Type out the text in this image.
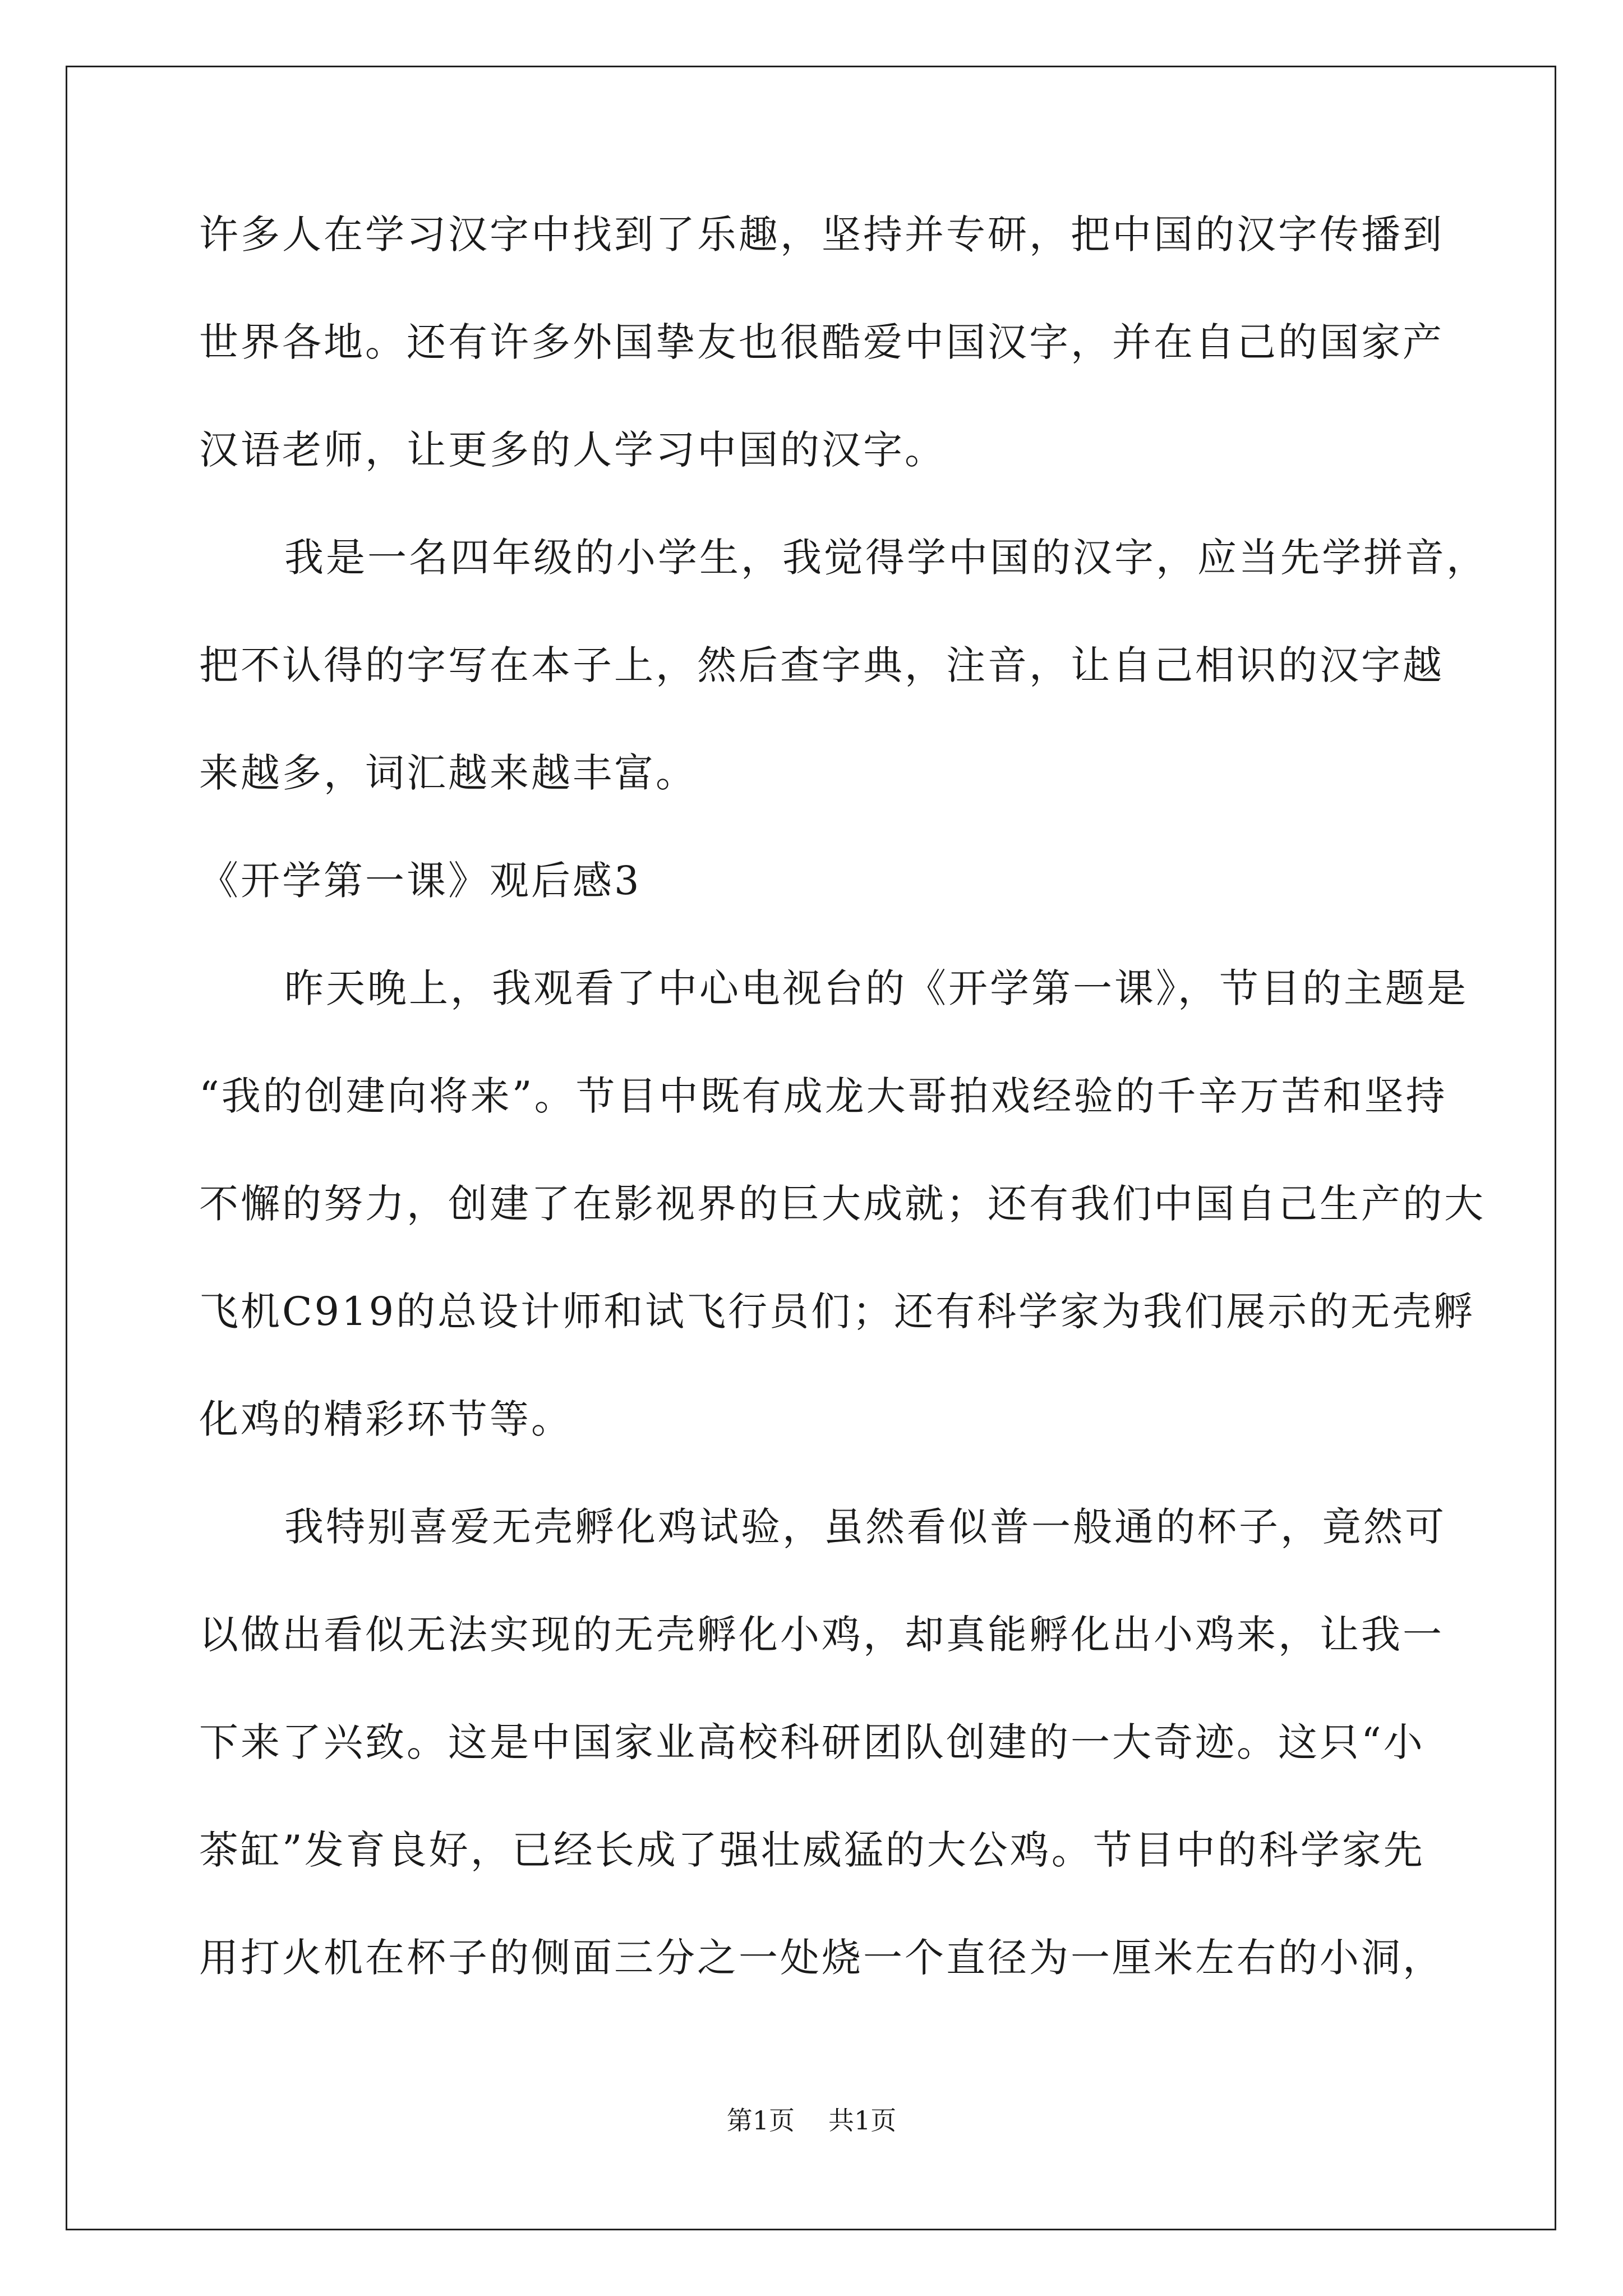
许多人在学习汉字中找到了乐趣，坚持并专研，把中国的汉字传播到
世界各地。还有许多外国挚友也很酷爱中国汉字，并在自己的国家产
汉语老师，让更多的人学习中国的汉字。
我是一名四年级的小学生，我觉得学中国的汉字，应当先学拼音，
把不认得的字写在本子上，然后查字典，注音，让自己相识的汉字越
来越多，词汇越来越丰富。
《开学第一课》观后感3
昨天晚上，我观看了中心电视台的《开学第一课》，节目的主题是
“我的创建向将来”。节目中既有成龙大哥拍戏经验的千辛万苦和坚持
不懈的努力，创建了在影视界的巨大成就；还有我们中国自己生产的大
飞机C919的总设计师和试飞行员们；还有科学家为我们展示的无壳孵
化鸡的精彩环节等。
我特别喜爱无壳孵化鸡试验，虽然看似普一般通的杯子，竟然可
以做出看似无法实现的无壳孵化小鸡，却真能孵化出小鸡来，让我一
下来了兴致。这是中国家业高校科研团队创建的一大奇迹。这只“小
茶缸”发育良好，已经长成了强壮威猛的大公鸡。节目中的科学家先
用打火机在杯子的侧面三分之一处烧一个直径为一厘米左右的小洞，
第1页 共1页
